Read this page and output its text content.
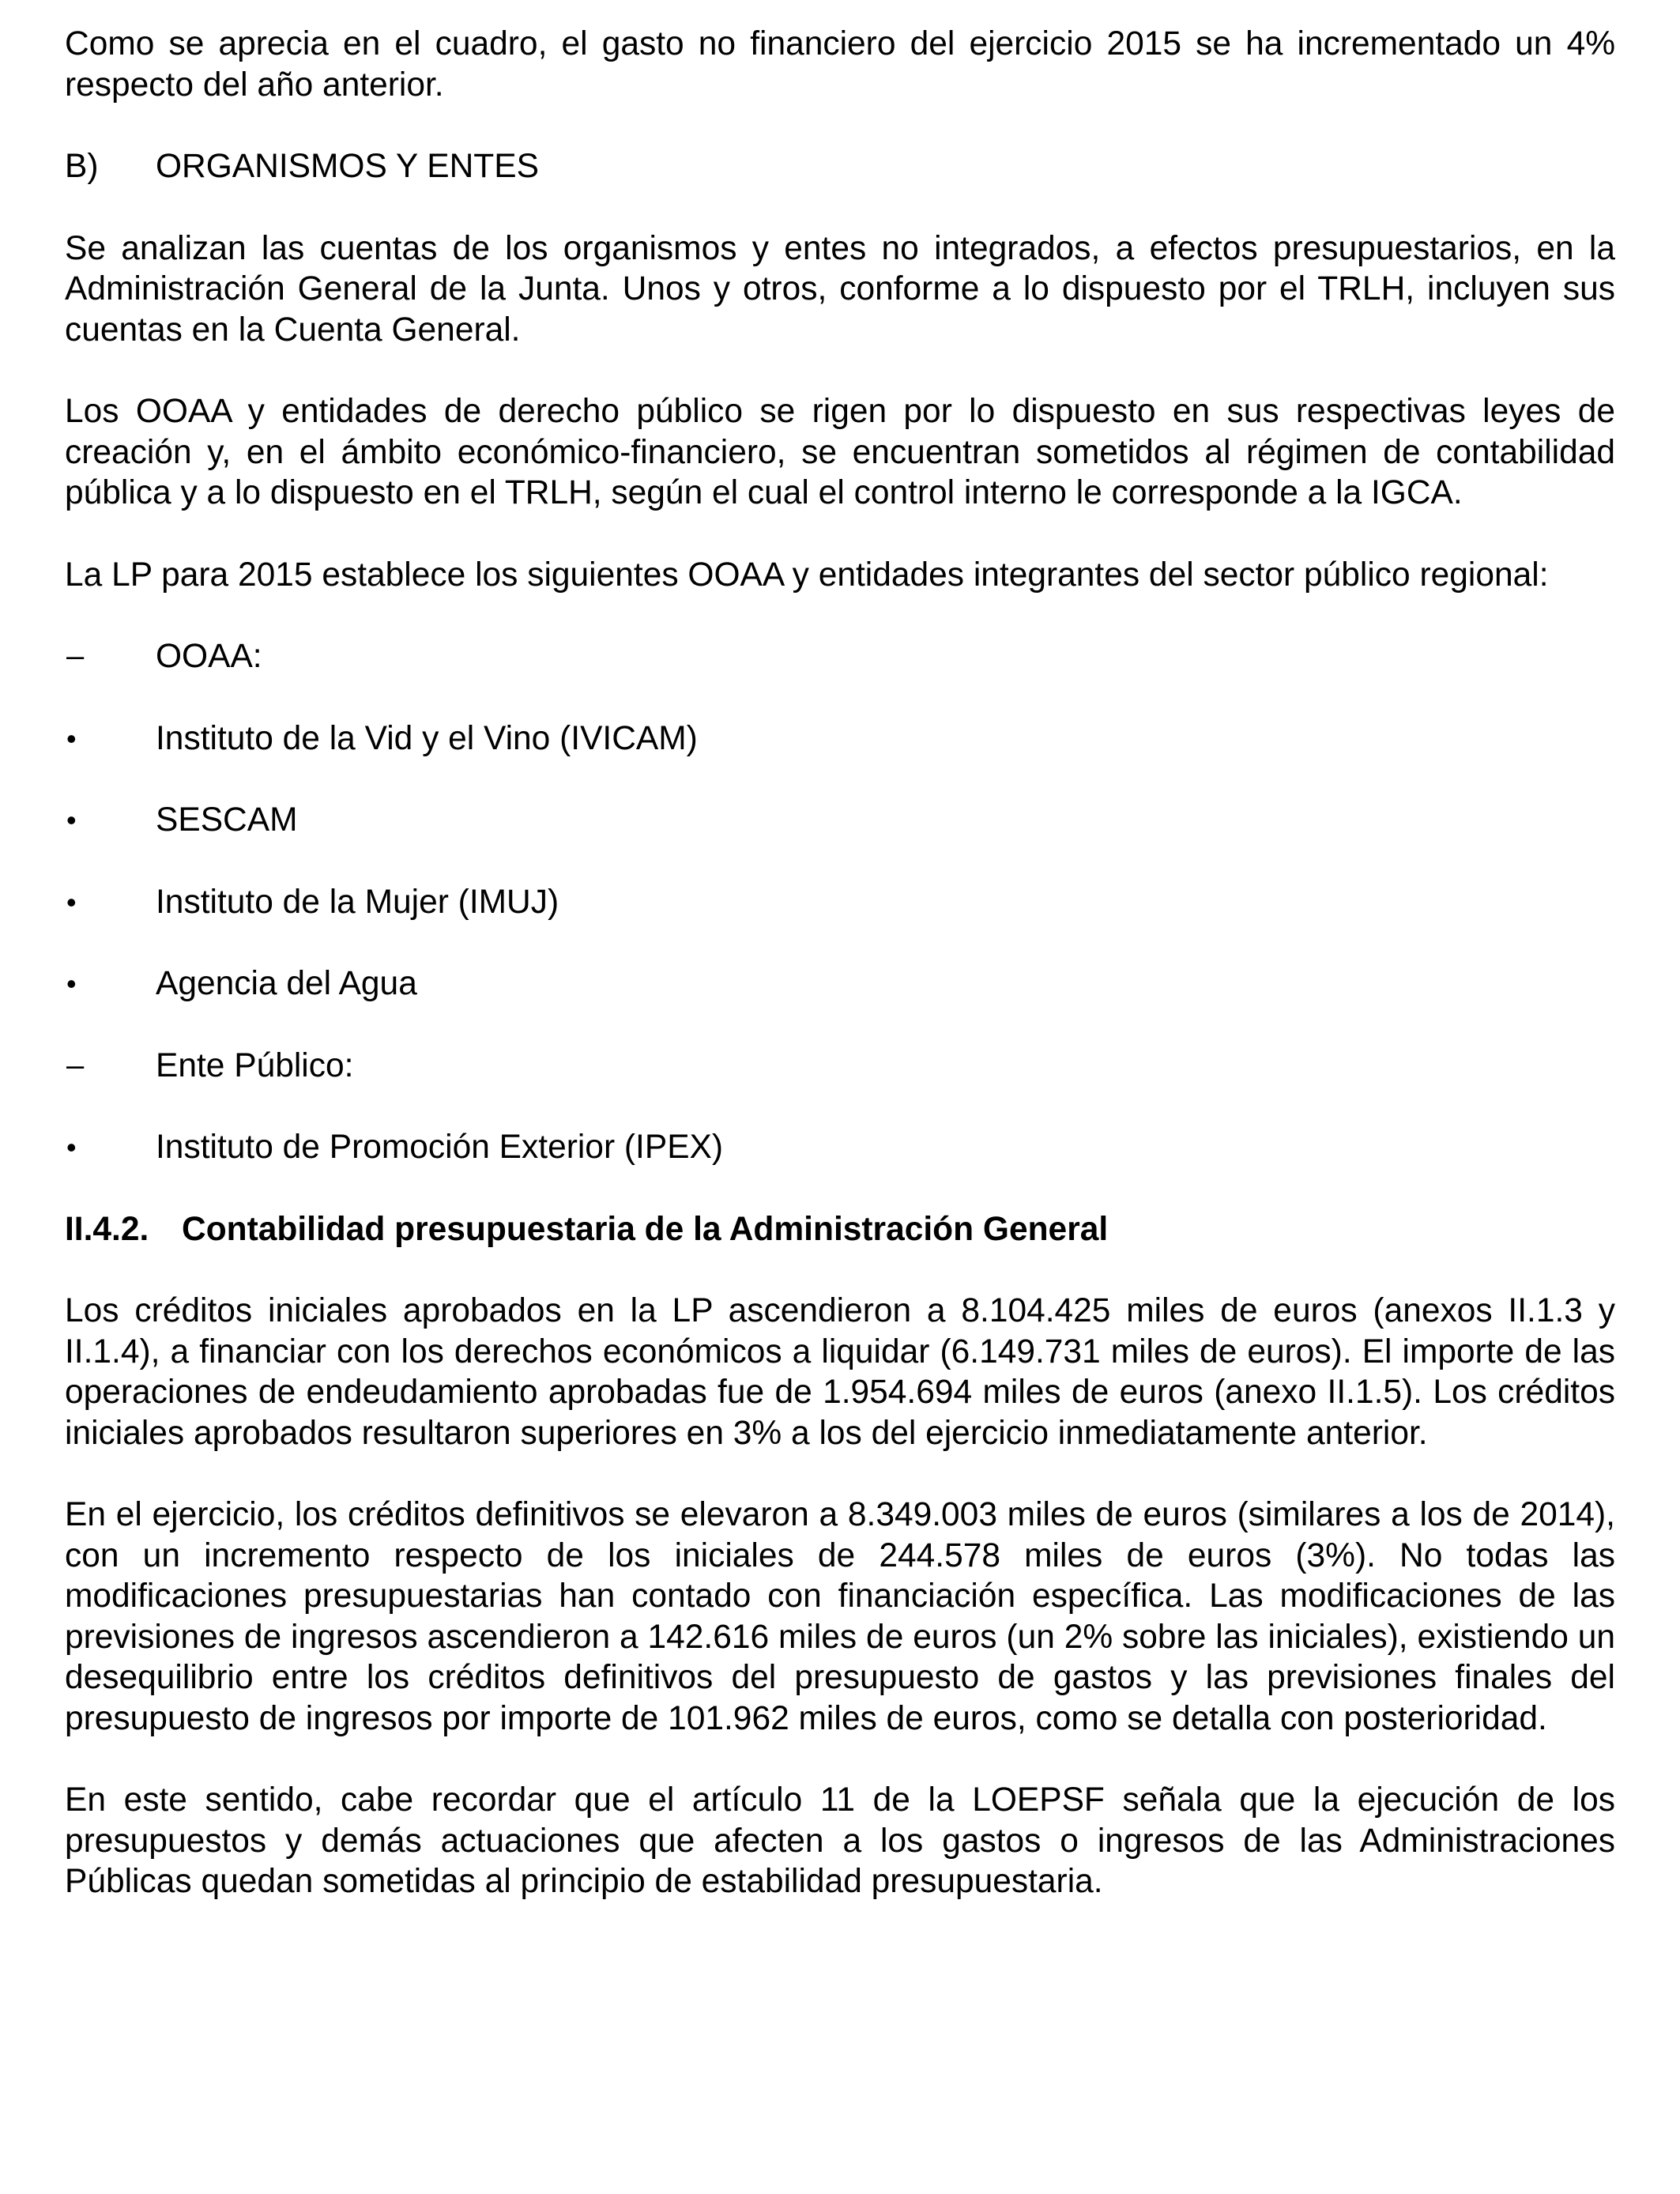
Como se aprecia en el cuadro, el gasto no financiero del ejercicio 2015 se ha incrementado un 4% respecto del año anterior.

B)	ORGANISMOS Y ENTES

Se analizan las cuentas de los organismos y entes no integrados, a efectos presupuestarios, en la Administración General de la Junta. Unos y otros, conforme a lo dispuesto por el TRLH, incluyen sus cuentas en la Cuenta General.

Los OOAA y entidades de derecho público se rigen por lo dispuesto en sus respectivas leyes de creación y, en el ámbito económico-financiero, se encuentran sometidos al régimen de contabilidad pública y a lo dispuesto en el TRLH, según el cual el control interno le corresponde a la IGCA.

La LP para 2015 establece los siguientes OOAA y entidades integrantes del sector público regional:

–	OOAA:
•	Instituto de la Vid y el Vino (IVICAM)
•	SESCAM
•	Instituto de la Mujer (IMUJ)
•	Agencia del Agua
–	Ente Público:
•	Instituto de Promoción Exterior (IPEX)
II.4.2. Contabilidad presupuestaria de la Administración General

Los créditos iniciales aprobados en la LP ascendieron a 8.104.425 miles de euros (anexos II.1.3 y II.1.4), a financiar con los derechos económicos a liquidar (6.149.731 miles de euros). El importe de las operaciones de endeudamiento aprobadas fue de 1.954.694 miles de euros (anexo II.1.5). Los créditos iniciales aprobados resultaron superiores en 3% a los del ejercicio inmediatamente anterior.

En el ejercicio, los créditos definitivos se elevaron a 8.349.003 miles de euros (similares a los de 2014), con un incremento respecto de los iniciales de 244.578 miles de euros (3%). No todas las modificaciones presupuestarias han contado con financiación específica. Las modificaciones de las previsiones de ingresos ascendieron a 142.616 miles de euros (un 2% sobre las iniciales), existiendo un desequilibrio entre los créditos definitivos del presupuesto de gastos y las previsiones finales del presupuesto de ingresos por importe de 101.962 miles de euros, como se detalla con posterioridad.

En este sentido, cabe recordar que el artículo 11 de la LOEPSF señala que la ejecución de los presupuestos y demás actuaciones que afecten a los gastos o ingresos de las Administraciones Públicas quedan sometidas al principio de estabilidad presupuestaria.
